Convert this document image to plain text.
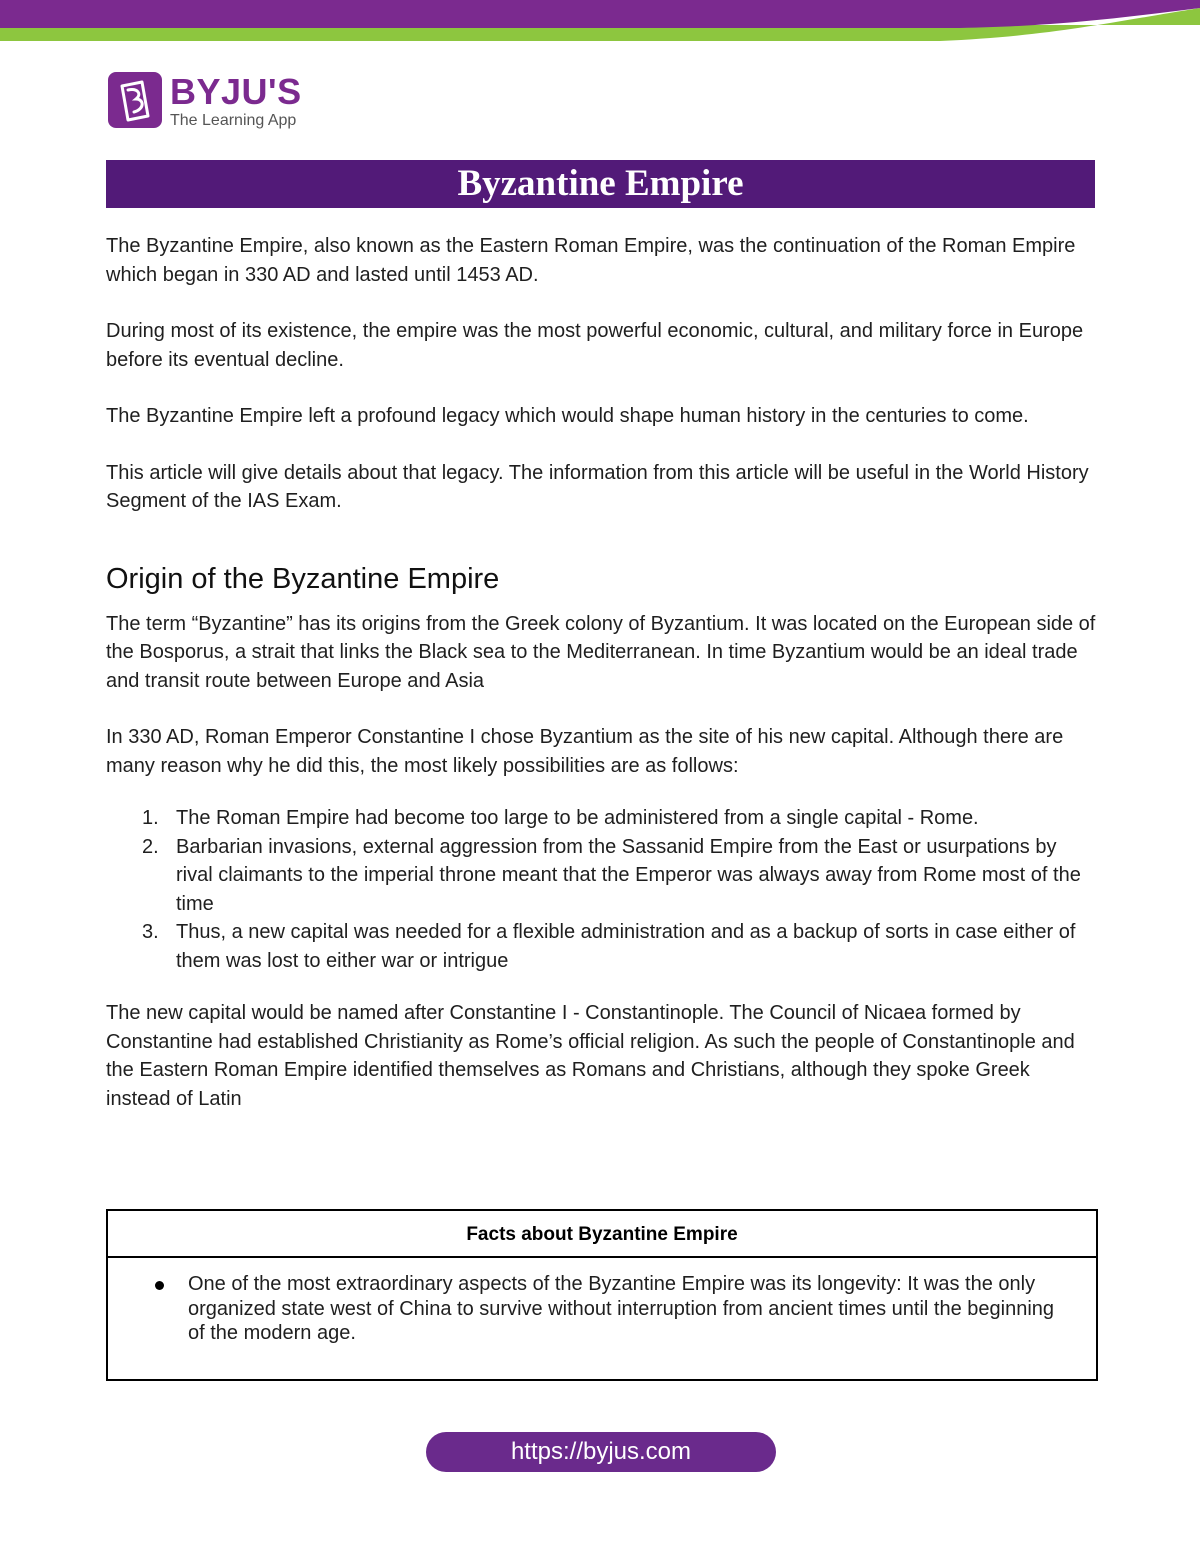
BYJU'S
The Learning App
Byzantine Empire

The Byzantine Empire, also known as the Eastern Roman Empire, was the continuation of the Roman Empire which began in 330 AD and lasted until 1453 AD.

During most of its existence, the empire was the most powerful economic, cultural, and military force in Europe before its eventual decline.

The Byzantine Empire left a profound legacy which would shape human history in the centuries to come.

This article will give details about that legacy. The information from this article will be useful in the World History Segment of the IAS Exam.

Origin of the Byzantine Empire

The term “Byzantine” has its origins from the Greek colony of Byzantium. It was located on the European side of the Bosporus, a strait that links the Black sea to the Mediterranean. In time Byzantium would be an ideal trade and transit route between Europe and Asia

In 330 AD, Roman Emperor Constantine I chose Byzantium as the site of his new capital. Although there are many reason why he did this, the most likely possibilities are as follows:

1. The Roman Empire had become too large to be administered from a single capital - Rome.
2. Barbarian invasions, external aggression from the Sassanid Empire from the East or usurpations by rival claimants to the imperial throne meant that the Emperor was always away from Rome most of the time
3. Thus, a new capital was needed for a flexible administration and as a backup of sorts in case either of them was lost to either war or intrigue

The new capital would be named after Constantine I - Constantinople. The Council of Nicaea formed by Constantine had established Christianity as Rome’s official religion. As such the people of Constantinople and the Eastern Roman Empire identified themselves as Romans and Christians, although they spoke Greek instead of Latin

Facts about Byzantine Empire
One of the most extraordinary aspects of the Byzantine Empire was its longevity: It was the only organized state west of China to survive without interruption from ancient times until the beginning of the modern age.
https://byjus.com
